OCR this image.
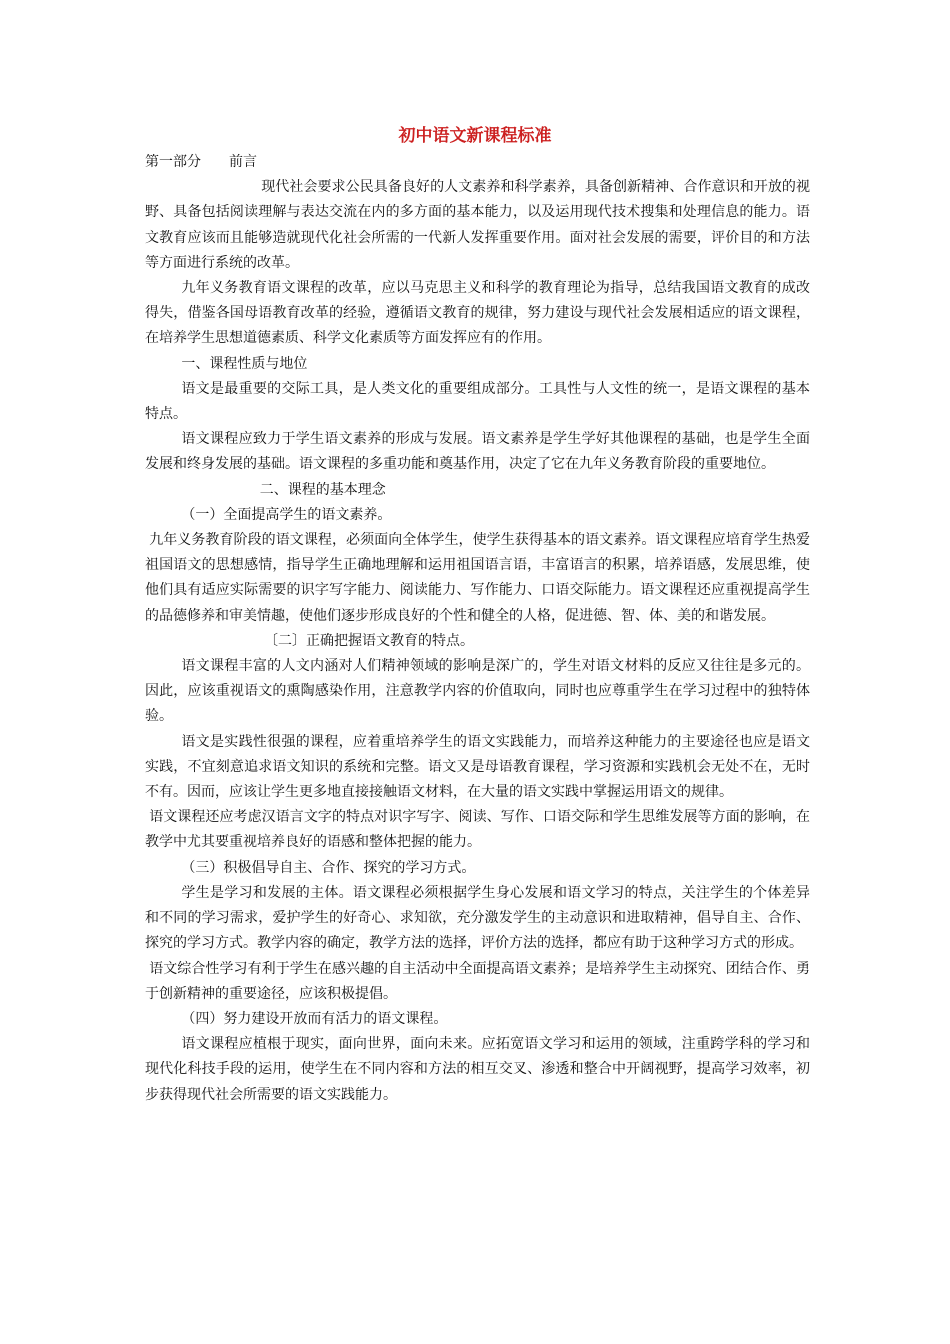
初中语文新课程标准

第一部分　　前言

现代社会要求公民具备良好的人文素养和科学素养，具备创新精神、合作意识和开放的视野、具备包括阅读理解与表达交流在内的多方面的基本能力，以及运用现代技术搜集和处理信息的能力。语文教育应该而且能够造就现代化社会所需的一代新人发挥重要作用。面对社会发展的需要，评价目的和方法等方面进行系统的改革。

九年义务教育语文课程的改革，应以马克思主义和科学的教育理论为指导，总结我国语文教育的成改得失，借鉴各国母语教育改革的经验，遵循语文教育的规律，努力建设与现代社会发展相适应的语文课程，在培养学生思想道德素质、科学文化素质等方面发挥应有的作用。

一、课程性质与地位

语文是最重要的交际工具，是人类文化的重要组成部分。工具性与人文性的统一，是语文课程的基本特点。

语文课程应致力于学生语文素养的形成与发展。语文素养是学生学好其他课程的基础，也是学生全面发展和终身发展的基础。语文课程的多重功能和奠基作用，决定了它在九年义务教育阶段的重要地位。

二、课程的基本理念

（一）全面提高学生的语文素养。

九年义务教育阶段的语文课程，必须面向全体学生，使学生获得基本的语文素养。语文课程应培育学生热爱祖国语文的思想感情，指导学生正确地理解和运用祖国语言语，丰富语言的积累，培养语感，发展思维，使他们具有适应实际需要的识字写字能力、阅读能力、写作能力、口语交际能力。语文课程还应重视提高学生的品德修养和审美情趣，使他们逐步形成良好的个性和健全的人格，促进德、智、体、美的和谐发展。

〔二〕正确把握语文教育的特点。

语文课程丰富的人文内涵对人们精神领域的影响是深广的，学生对语文材料的反应又往往是多元的。因此，应该重视语文的熏陶感染作用，注意教学内容的价值取向，同时也应尊重学生在学习过程中的独特体验。

语文是实践性很强的课程，应着重培养学生的语文实践能力，而培养这种能力的主要途径也应是语文实践，不宜刻意追求语文知识的系统和完整。语文又是母语教育课程，学习资源和实践机会无处不在，无时不有。因而，应该让学生更多地直接接触语文材料，在大量的语文实践中掌握运用语文的规律。

语文课程还应考虑汉语言文字的特点对识字写字、阅读、写作、口语交际和学生思维发展等方面的影响，在教学中尤其要重视培养良好的语感和整体把握的能力。

（三）积极倡导自主、合作、探究的学习方式。

学生是学习和发展的主体。语文课程必须根据学生身心发展和语文学习的特点，关注学生的个体差异和不同的学习需求，爱护学生的好奇心、求知欲，充分激发学生的主动意识和进取精神，倡导自主、合作、探究的学习方式。教学内容的确定，教学方法的选择，评价方法的选择，都应有助于这种学习方式的形成。

语文综合性学习有利于学生在感兴趣的自主活动中全面提高语文素养；是培养学生主动探究、团结合作、勇于创新精神的重要途径，应该积极提倡。

（四）努力建设开放而有活力的语文课程。

语文课程应植根于现实，面向世界，面向未来。应拓宽语文学习和运用的领域，注重跨学科的学习和现代化科技手段的运用，使学生在不同内容和方法的相互交叉、渗透和整合中开阔视野，提高学习效率，初步获得现代社会所需要的语文实践能力。
